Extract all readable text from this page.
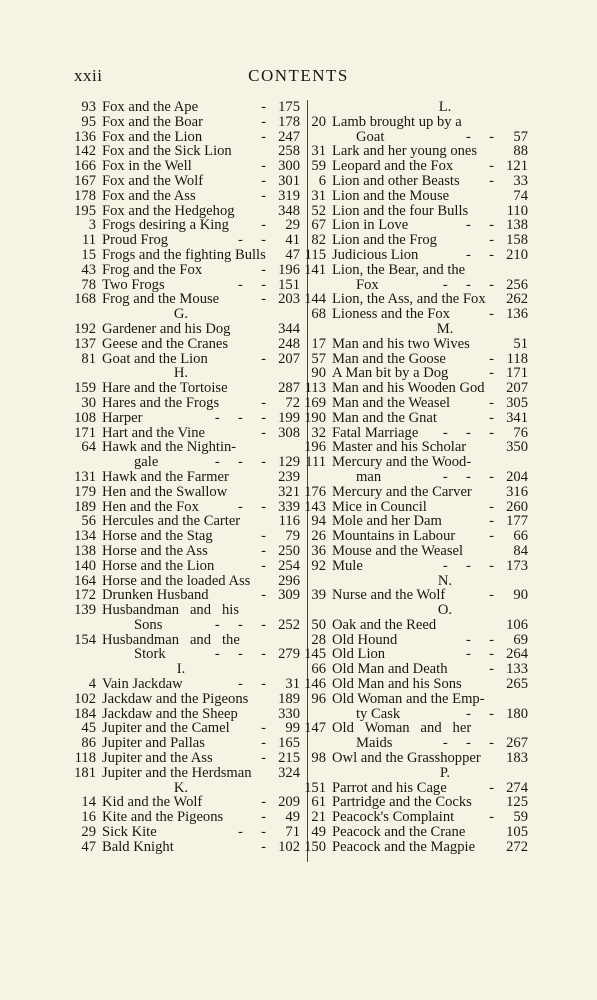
xxii	CONTENTS
93 Fox and the Ape	- 175
95 Fox and the Boar	- 178
136 Fox and the Lion	- 247
142 Fox and the Sick Lion	258
166 Fox in the Well	- 300
167 Fox and the Wolf	- 301
178 Fox and the Ass	- 319
195 Fox and the Hedgehog	348
3 Frogs desiring a King - 29
11 Proud Frog	-     - 41
15 Frogs and the fighting Bulls 47
43 Frog and the Fox	- 196
78 Two Frogs	-     - 151
168 Frog and the Mouse	- 203
G.
192 Gardener and his Dog	344
137 Geese and the Cranes	248
81 Goat and the Lion	- 207
H.
159 Hare and the Tortoise	287
30 Hares and the Frogs	- 72
108 Harper	-     -     - 199
171 Hart and the Vine	- 308
64 Hawk and the Nightin-
gale	-     -     - 129
131 Hawk and the Farmer	239
179 Hen and the Swallow	321
189 Hen and the Fox	-     - 339
56 Hercules and the Carter	116
134 Horse and the Stag	- 79
138 Horse and the Ass	- 250
140 Horse and the Lion	- 254
164 Horse and the loaded Ass 296
172 Drunken Husband	- 309
139 Husbandman   and   his
Sons	-     -     - 252
154 Husbandman   and   the
Stork	-     -     - 279
I.
4 Vain Jackdaw	-     - 31
102 Jackdaw and the Pigeons 189
184 Jackdaw and the Sheep	330
45 Jupiter and the Camel - 99
86 Jupiter and Pallas	- 165
118 Jupiter and the Ass	- 215
181 Jupiter and the Herdsman 324
K.
14 Kid and the Wolf	- 209
16 Kite and the Pigeons	- 49
29 Sick Kite	-     - 71
47 Bald Knight	- 102
L.
20 Lamb brought up by a
Goat	-     - 57
31 Lark and her young ones 88
59 Leopard and the Fox - 121
6 Lion and other Beasts - 33
31 Lion and the Mouse	74
52 Lion and the four Bulls	110
67 Lion in Love	-     - 138
82 Lion and the Frog	- 158
115 Judicious Lion	-     - 210
141 Lion, the Bear, and the
Fox	-     -     - 256
144 Lion, the Ass, and the Fox 262
68 Lioness and the Fox	- 136
M.
17 Man and his two Wives	51
57 Man and the Goose	- 118
90 A Man bit by a Dog	- 171
113 Man and his Wooden God 207
169 Man and the Weasel	- 305
190 Man and the Gnat	- 341
32 Fatal Marriage -     -     - 76
196 Master and his Scholar	350
111 Mercury and the Wood-
man	-     -     - 204
176 Mercury and the Carver 316
143 Mice in Council	- 260
94 Mole and her Dam	- 177
26 Mountains in Labour - 66
36 Mouse and the Weasel	84
92 Mule	-     -     - 173
N.
39 Nurse and the Wolf	- 90
O.
50 Oak and the Reed	106
28 Old Hound	-     - 69
145 Old Lion	-     - 264
66 Old Man and Death	- 133
146 Old Man and his Sons	265
96 Old Woman and the Emp-
ty Cask	-     - 180
147 Old   Woman   and   her
Maids	-     -     - 267
98 Owl and the Grasshopper 183
P.
151 Parrot and his Cage	- 274
61 Partridge and the Cocks 125
21 Peacock's Complaint - 59
49 Peacock and the Crane	105
150 Peacock and the Magpie 272
